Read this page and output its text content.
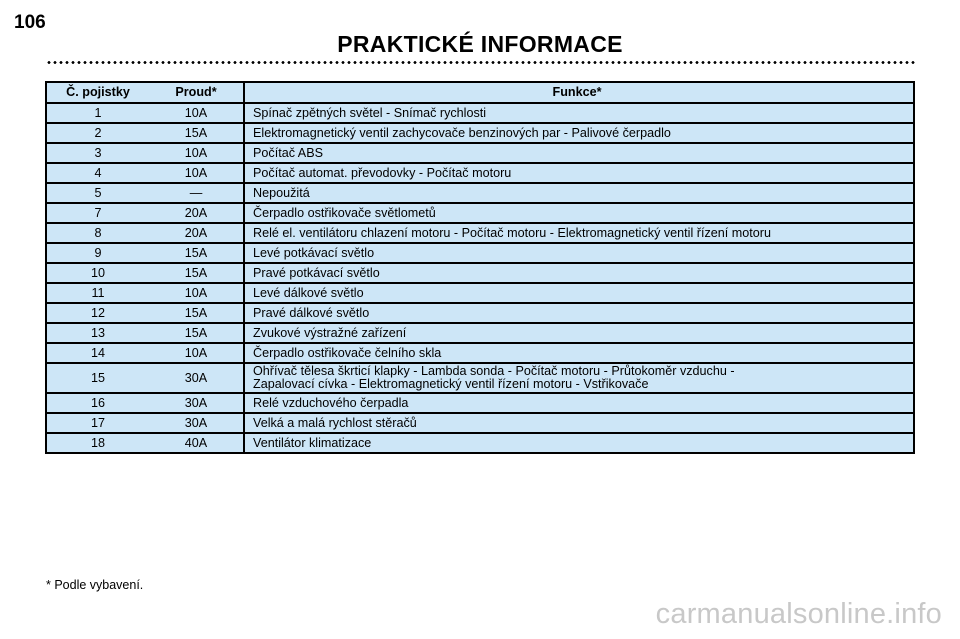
106
PRAKTICKÉ INFORMACE
Č. pojistky	Proud*	Funkce*
1	10A	Spínač zpětných světel - Snímač rychlosti

2	15A	Elektromagnetický ventil zachycovače benzinových par - Palivové čerpadlo

3	10A	Počítač ABS

4	10A	Počítač automat. převodovky - Počítač motoru

5	—	Nepoužitá

7	20A	Čerpadlo ostřikovače světlometů

8	20A	Relé el. ventilátoru chlazení motoru - Počítač motoru - Elektromagnetický ventil řízení motoru

9	15A	Levé potkávací světlo

10	15A	Pravé potkávací světlo

11	10A	Levé dálkové světlo

12	15A	Pravé dálkové světlo

13	15A	Zvukové výstražné zařízení

14	10A	Čerpadlo ostřikovače čelního skla

15	30A	Ohřívač tělesa škrticí klapky - Lambda sonda - Počítač motoru - Průtokoměr vzduchu -
Zapalovací cívka - Elektromagnetický ventil řízení motoru - Vstřikovače

16	30A	Relé vzduchového čerpadla

17	30A	Velká a malá rychlost stěračů

18	40A	Ventilátor klimatizace
* Podle vybavení.
carmanualsonline.info
